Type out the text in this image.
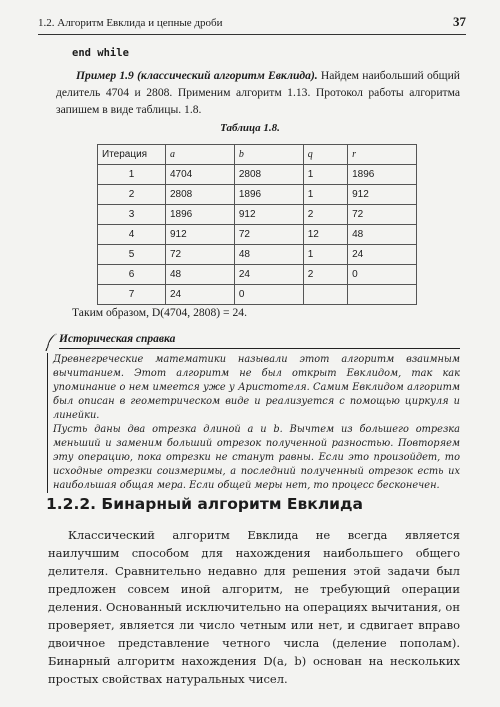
1.2. Алгоритм Евклида и цепные дроби	37
end while
Пример 1.9 (классический алгоритм Евклида). Найдем наибольший общий делитель 4704 и 2808. Применим алгоритм 1.13. Протокол работы алгоритма запишем в виде таблицы. 1.8.
Таблица 1.8.
Итерация	a	b	q	r
1	4704	2808	1	1896
2	2808	1896	1	912
3	1896	912	2	72
4	912	72	12	48
5	72	48	1	24
6	48	24	2	0
7	24	0		
Таким образом, D(4704, 2808) = 24.
Историческая справка

Древнегреческие математики называли этот алгоритм взаимным вычитанием. Этот алгоритм не был открыт Евклидом, так как упоминание о нем имеется уже у Аристотеля. Самим Евклидом алгоритм был описан в геометрическом виде и реализуется с помощью циркуля и линейки.

Пусть даны два отрезка длиной a и b. Вычтем из большего отрезка меньший и заменим больший отрезок полученной разностью. Повторяем эту операцию, пока отрезки не станут равны. Если это произойдет, то исходные отрезки соизмеримы, а последний полученный отрезок есть их наибольшая общая мера. Если общей меры нет, то процесс бесконечен.

1.2.2. Бинарный алгоритм Евклида
Классический алгоритм Евклида не всегда является наилучшим способом для нахождения наибольшего общего делителя. Сравнительно недавно для решения этой задачи был предложен совсем иной алгоритм, не требующий операции деления. Основанный исключительно на операциях вычитания, он проверяет, является ли число четным или нет, и сдвигает вправо двоичное представление четного числа (деление пополам). Бинарный алгоритм нахождения D(a, b) основан на нескольких простых свойствах натуральных чисел.
